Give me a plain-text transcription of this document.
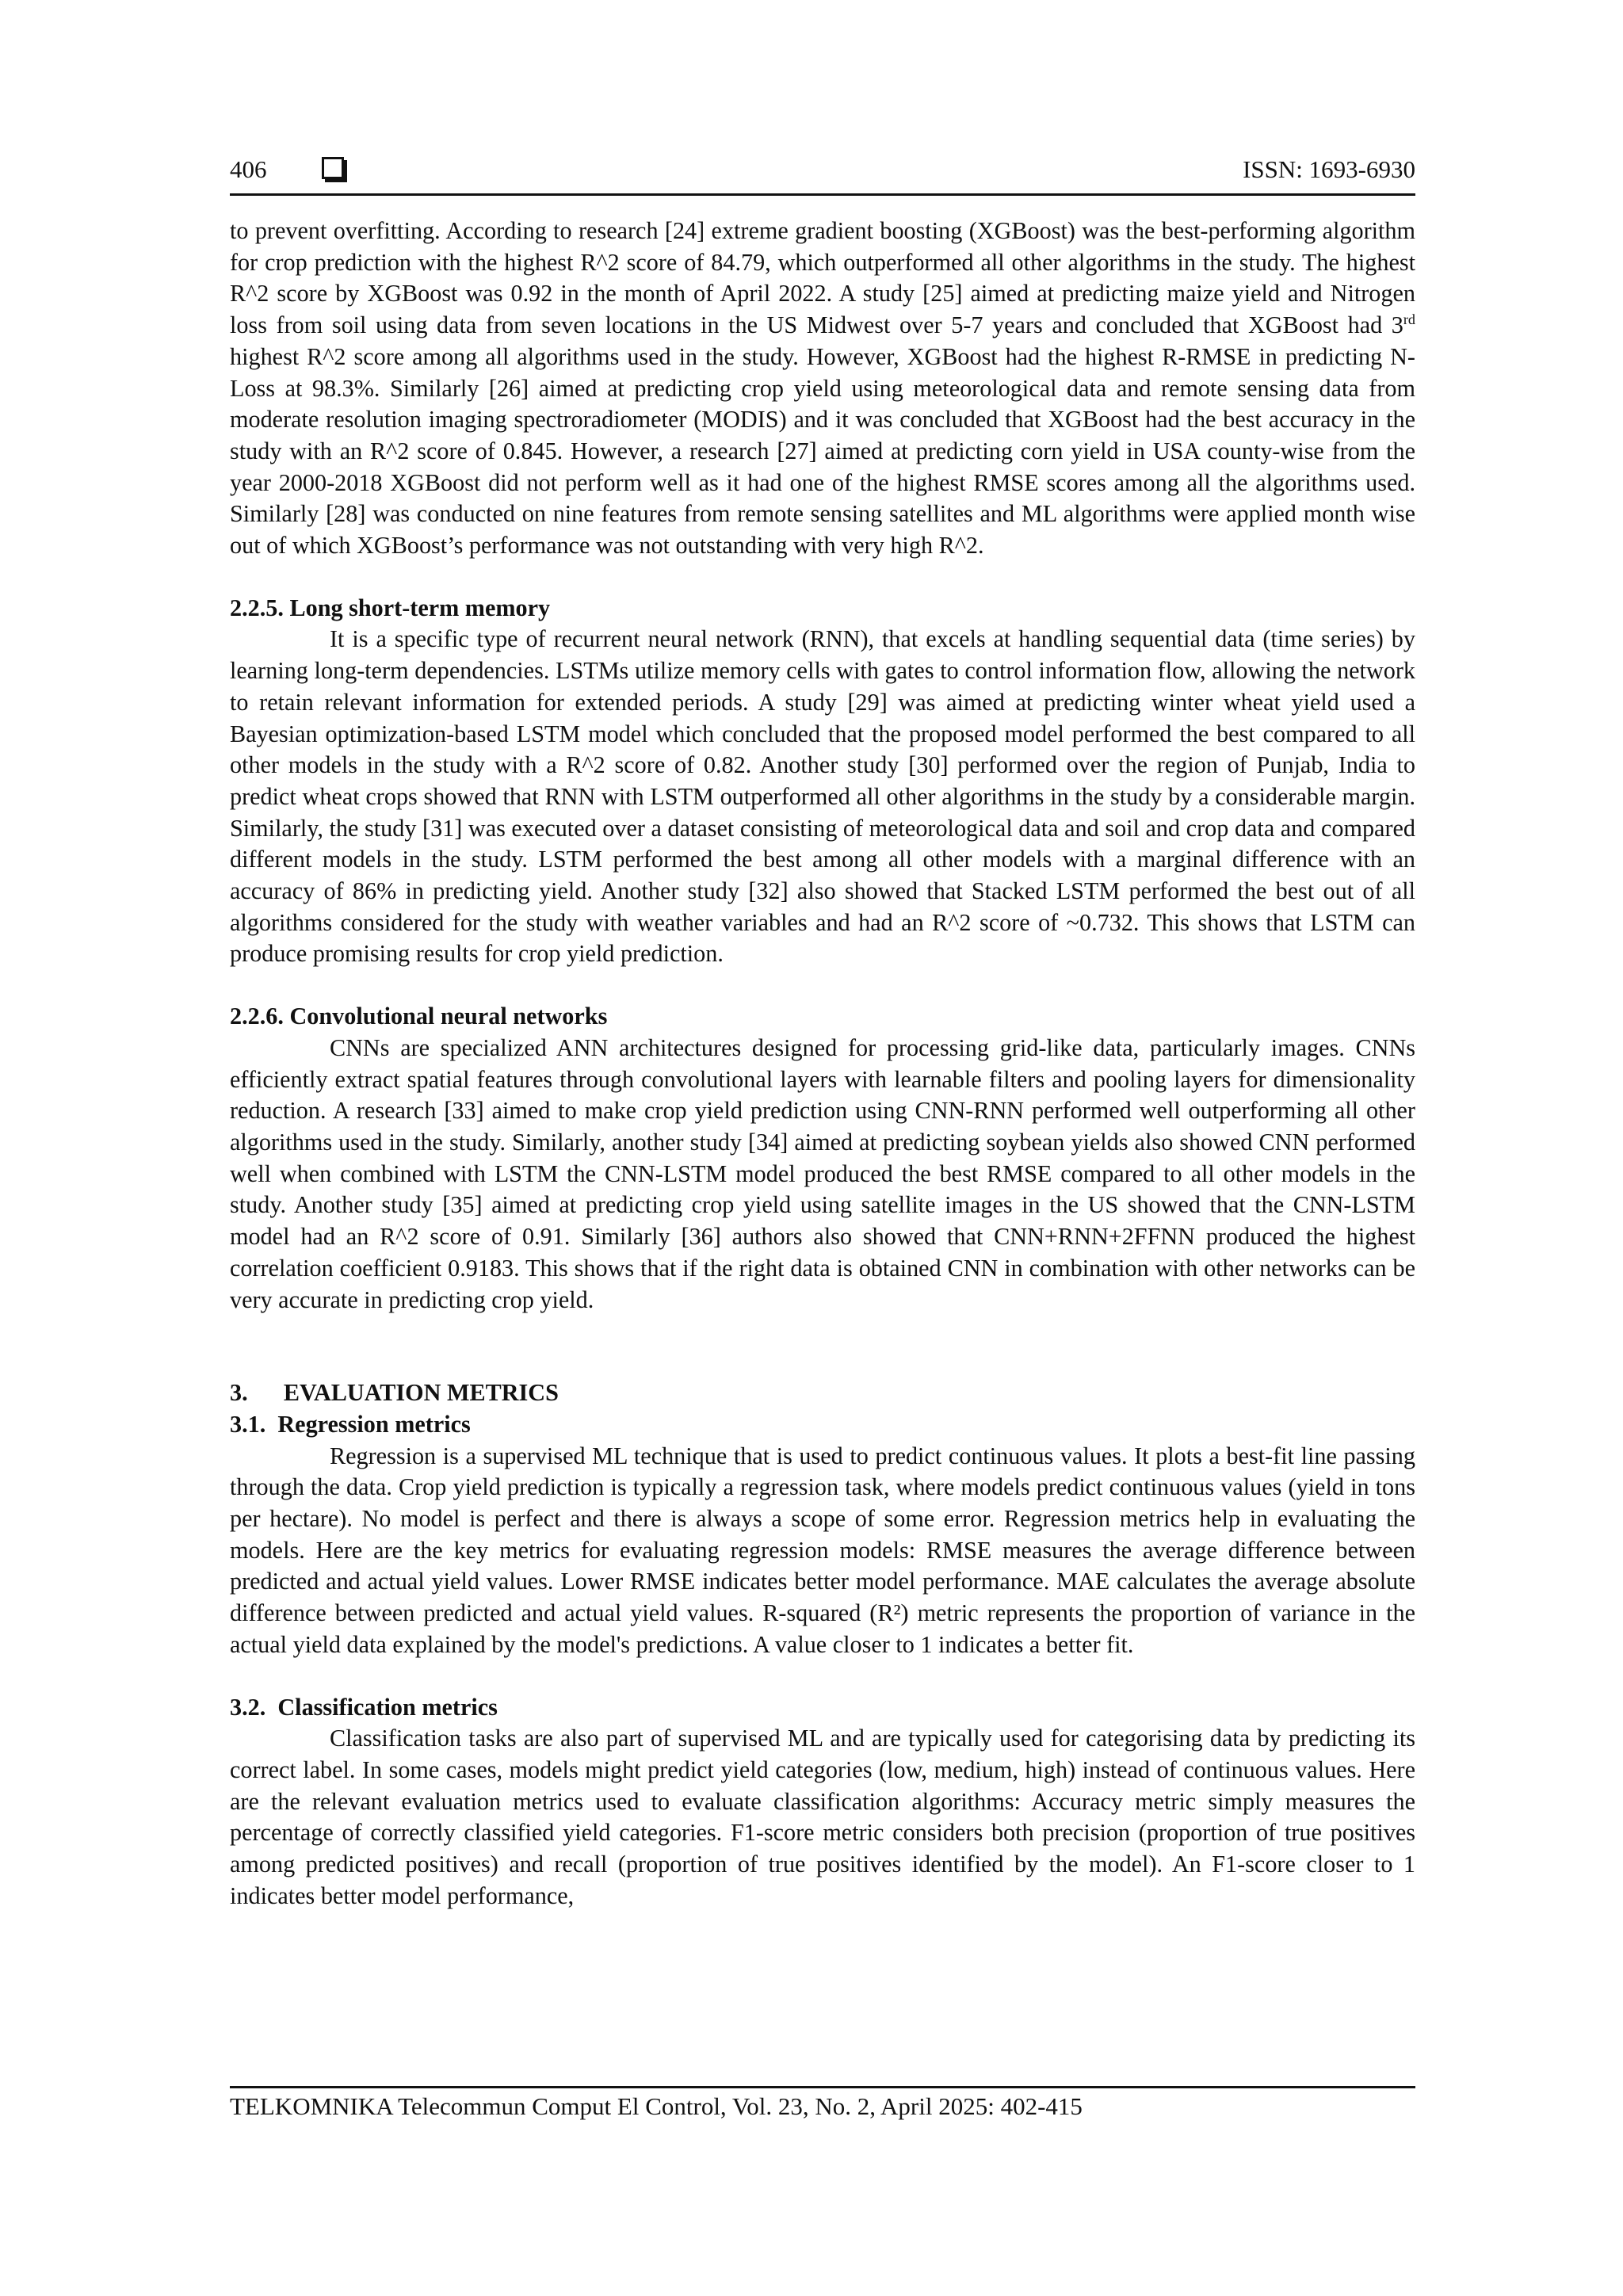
406	ISSN: 1693-6930

to prevent overfitting. According to research [24] extreme gradient boosting (XGBoost) was the best-performing algorithm for crop prediction with the highest R^2 score of 84.79, which outperformed all other algorithms in the study. The highest R^2 score by XGBoost was 0.92 in the month of April 2022. A study [25] aimed at predicting maize yield and Nitrogen loss from soil using data from seven locations in the US Midwest over 5-7 years and concluded that XGBoost had 3rd highest R^2 score among all algorithms used in the study. However, XGBoost had the highest R-RMSE in predicting N-Loss at 98.3%. Similarly [26] aimed at predicting crop yield using meteorological data and remote sensing data from moderate resolution imaging spectroradiometer (MODIS) and it was concluded that XGBoost had the best accuracy in the study with an R^2 score of 0.845. However, a research [27] aimed at predicting corn yield in USA county-wise from the year 2000-2018 XGBoost did not perform well as it had one of the highest RMSE scores among all the algorithms used. Similarly [28] was conducted on nine features from remote sensing satellites and ML algorithms were applied month wise out of which XGBoost’s performance was not outstanding with very high R^2.

2.2.5. Long short-term memory

It is a specific type of recurrent neural network (RNN), that excels at handling sequential data (time series) by learning long-term dependencies. LSTMs utilize memory cells with gates to control information flow, allowing the network to retain relevant information for extended periods. A study [29] was aimed at predicting winter wheat yield used a Bayesian optimization-based LSTM model which concluded that the proposed model performed the best compared to all other models in the study with a R^2 score of 0.82. Another study [30] performed over the region of Punjab, India to predict wheat crops showed that RNN with LSTM outperformed all other algorithms in the study by a considerable margin. Similarly, the study [31] was executed over a dataset consisting of meteorological data and soil and crop data and compared different models in the study. LSTM performed the best among all other models with a marginal difference with an accuracy of 86% in predicting yield. Another study [32] also showed that Stacked LSTM performed the best out of all algorithms considered for the study with weather variables and had an R^2 score of ~0.732. This shows that LSTM can produce promising results for crop yield prediction.

2.2.6. Convolutional neural networks

CNNs are specialized ANN architectures designed for processing grid-like data, particularly images. CNNs efficiently extract spatial features through convolutional layers with learnable filters and pooling layers for dimensionality reduction. A research [33] aimed to make crop yield prediction using CNN-RNN performed well outperforming all other algorithms used in the study. Similarly, another study [34] aimed at predicting soybean yields also showed CNN performed well when combined with LSTM the CNN-LSTM model produced the best RMSE compared to all other models in the study. Another study [35] aimed at predicting crop yield using satellite images in the US showed that the CNN-LSTM model had an R^2 score of 0.91. Similarly [36] authors also showed that CNN+RNN+2FFNN produced the highest correlation coefficient 0.9183. This shows that if the right data is obtained CNN in combination with other networks can be very accurate in predicting crop yield.

3.  EVALUATION METRICS
3.1. Regression metrics

Regression is a supervised ML technique that is used to predict continuous values. It plots a best-fit line passing through the data. Crop yield prediction is typically a regression task, where models predict continuous values (yield in tons per hectare). No model is perfect and there is always a scope of some error. Regression metrics help in evaluating the models. Here are the key metrics for evaluating regression models: RMSE measures the average difference between predicted and actual yield values. Lower RMSE indicates better model performance. MAE calculates the average absolute difference between predicted and actual yield values. R-squared (R²) metric represents the proportion of variance in the actual yield data explained by the model's predictions. A value closer to 1 indicates a better fit.

3.2. Classification metrics

Classification tasks are also part of supervised ML and are typically used for categorising data by predicting its correct label. In some cases, models might predict yield categories (low, medium, high) instead of continuous values. Here are the relevant evaluation metrics used to evaluate classification algorithms: Accuracy metric simply measures the percentage of correctly classified yield categories. F1-score metric considers both precision (proportion of true positives among predicted positives) and recall (proportion of true positives identified by the model). An F1-score closer to 1 indicates better model performance,

TELKOMNIKA Telecommun Comput El Control, Vol. 23, No. 2, April 2025: 402-415
